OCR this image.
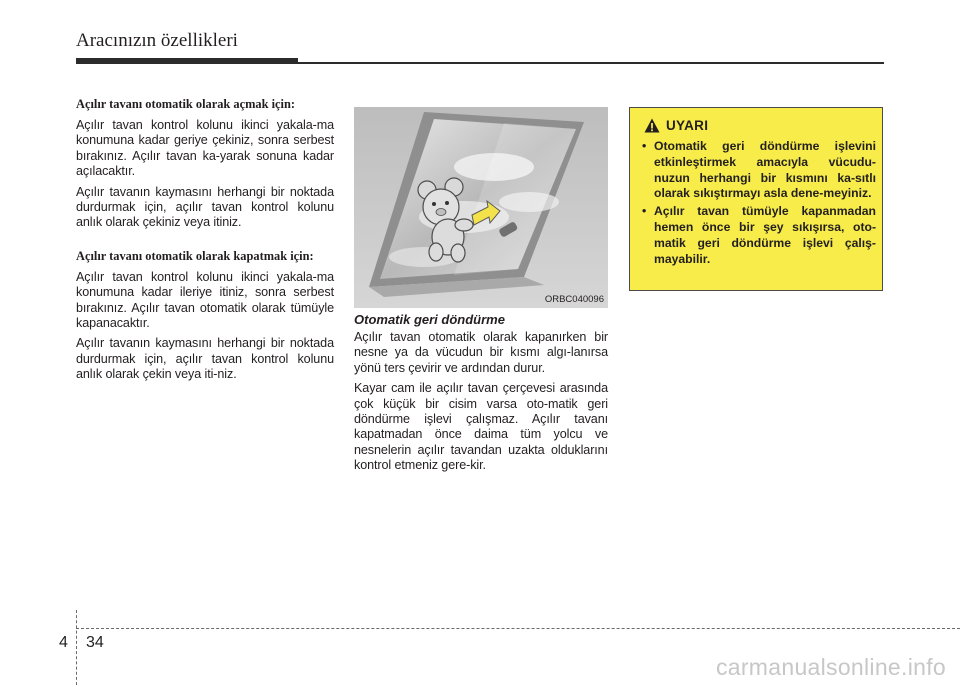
Aracınızın özellikleri

Açılır tavanı otomatik olarak açmak için:

Açılır tavan kontrol kolunu ikinci yakala-ma konumuna kadar geriye çekiniz, sonra serbest bırakınız. Açılır tavan ka-yarak sonuna kadar açılacaktır.

Açılır tavanın kaymasını herhangi bir noktada durdurmak için, açılır tavan kontrol kolunu anlık olarak çekiniz veya itiniz.

Açılır tavanı otomatik olarak kapatmak için:

Açılır tavan kontrol kolunu ikinci yakala-ma konumuna kadar ileriye itiniz, sonra serbest bırakınız. Açılır tavan otomatik olarak tümüyle kapanacaktır.

Açılır tavanın kaymasını herhangi bir noktada durdurmak için, açılır tavan kontrol kolunu anlık olarak çekin veya iti-niz.

ORBC040096
Otomatik geri döndürme

Açılır tavan otomatik olarak kapanırken bir nesne ya da vücudun bir kısmı algı-lanırsa yönü ters çevirir ve ardından durur.

Kayar cam ile açılır tavan çerçevesi arasında çok küçük bir cisim varsa oto-matik geri döndürme işlevi çalışmaz. Açılır tavanı kapatmadan önce daima tüm yolcu ve nesnelerin açılır tavandan uzakta olduklarını kontrol etmeniz gere-kir.

UYARI
• Otomatik geri döndürme işlevini etkinleştirmek amacıyla vücudu-nuzun herhangi bir kısmını ka-sıtlı olarak sıkıştırmayı asla dene-meyiniz.
• Açılır tavan tümüyle kapanmadan hemen önce bir şey sıkışırsa, oto-matik geri döndürme işlevi çalış-mayabilir.
4 34
carmanualsonline.info
